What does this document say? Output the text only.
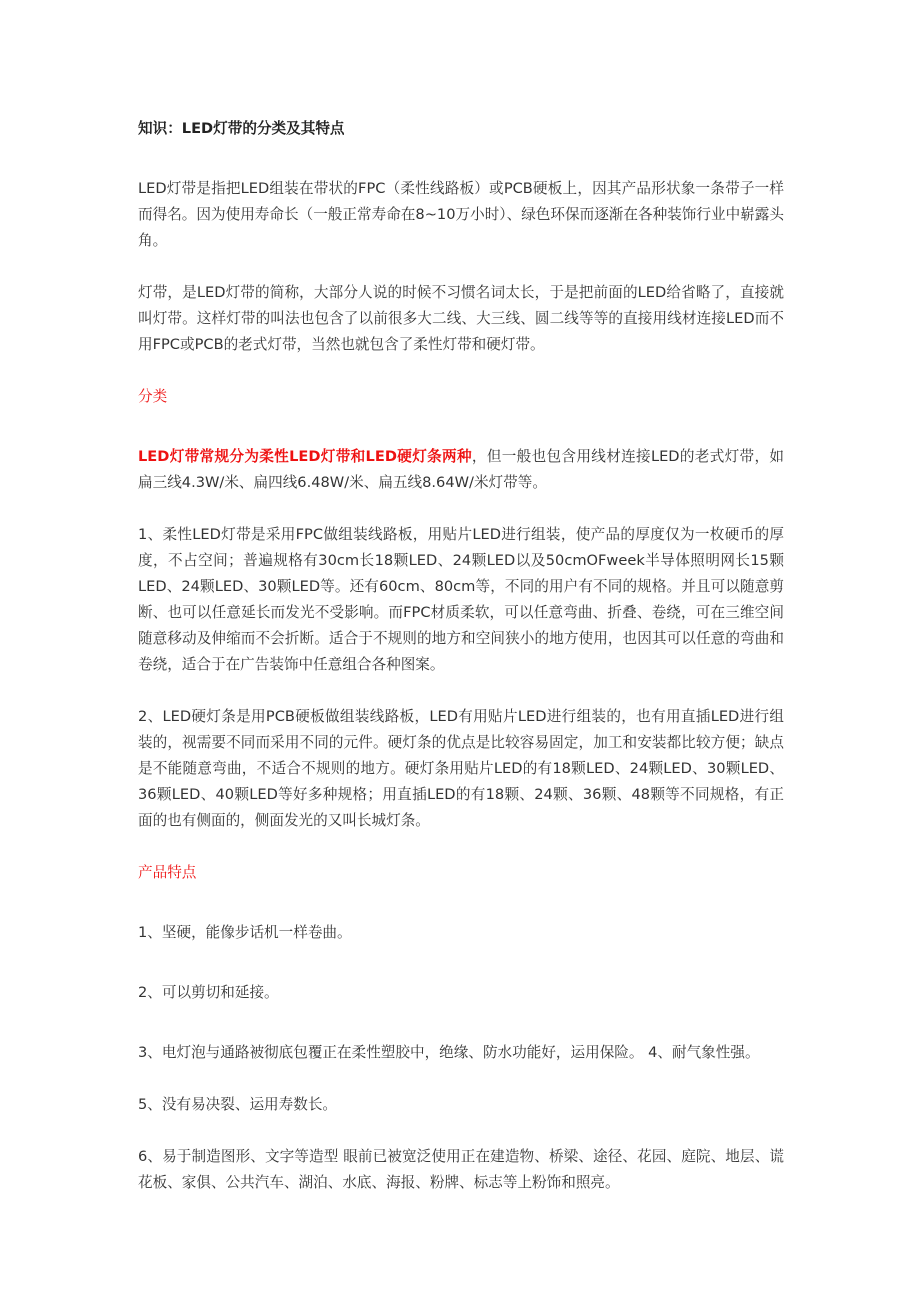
知识：LED灯带的分类及其特点

LED灯带是指把LED组装在带状的FPC（柔性线路板）或PCB硬板上，因其产品形状象一条带子一样而得名。因为使用寿命长（一般正常寿命在8~10万小时）、绿色环保而逐渐在各种装饰行业中崭露头角。

灯带，是LED灯带的简称，大部分人说的时候不习惯名词太长，于是把前面的LED给省略了，直接就叫灯带。这样灯带的叫法也包含了以前很多大二线、大三线、圆二线等等的直接用线材连接LED而不用FPC或PCB的老式灯带，当然也就包含了柔性灯带和硬灯带。

分类

LED灯带常规分为柔性LED灯带和LED硬灯条两种，但一般也包含用线材连接LED的老式灯带，如扁三线4.3W/米、扁四线6.48W/米、扁五线8.64W/米灯带等。

1、柔性LED灯带是采用FPC做组装线路板，用贴片LED进行组装，使产品的厚度仅为一枚硬币的厚度，不占空间；普遍规格有30cm长18颗LED、24颗LED以及50cmOFweek半导体照明网长15颗LED、24颗LED、30颗LED等。还有60cm、80cm等，不同的用户有不同的规格。并且可以随意剪断、也可以任意延长而发光不受影响。而FPC材质柔软，可以任意弯曲、折叠、卷绕，可在三维空间随意移动及伸缩而不会折断。适合于不规则的地方和空间狭小的地方使用，也因其可以任意的弯曲和卷绕，适合于在广告装饰中任意组合各种图案。

2、LED硬灯条是用PCB硬板做组装线路板，LED有用贴片LED进行组装的，也有用直插LED进行组装的，视需要不同而采用不同的元件。硬灯条的优点是比较容易固定，加工和安装都比较方便；缺点是不能随意弯曲，不适合不规则的地方。硬灯条用贴片LED的有18颗LED、24颗LED、30颗LED、36颗LED、40颗LED等好多种规格；用直插LED的有18颗、24颗、36颗、48颗等不同规格，有正面的也有侧面的，侧面发光的又叫长城灯条。

产品特点

1、坚硬，能像步话机一样卷曲。

2、可以剪切和延接。

3、电灯泡与通路被彻底包覆正在柔性塑胶中，绝缘、防水功能好，运用保险。 4、耐气象性强。

5、没有易决裂、运用寿数长。

6、易于制造图形、文字等造型 眼前已被宽泛使用正在建造物、桥梁、途径、花园、庭院、地层、谎花板、家俱、公共汽车、湖泊、水底、海报、粉牌、标志等上粉饰和照亮。
